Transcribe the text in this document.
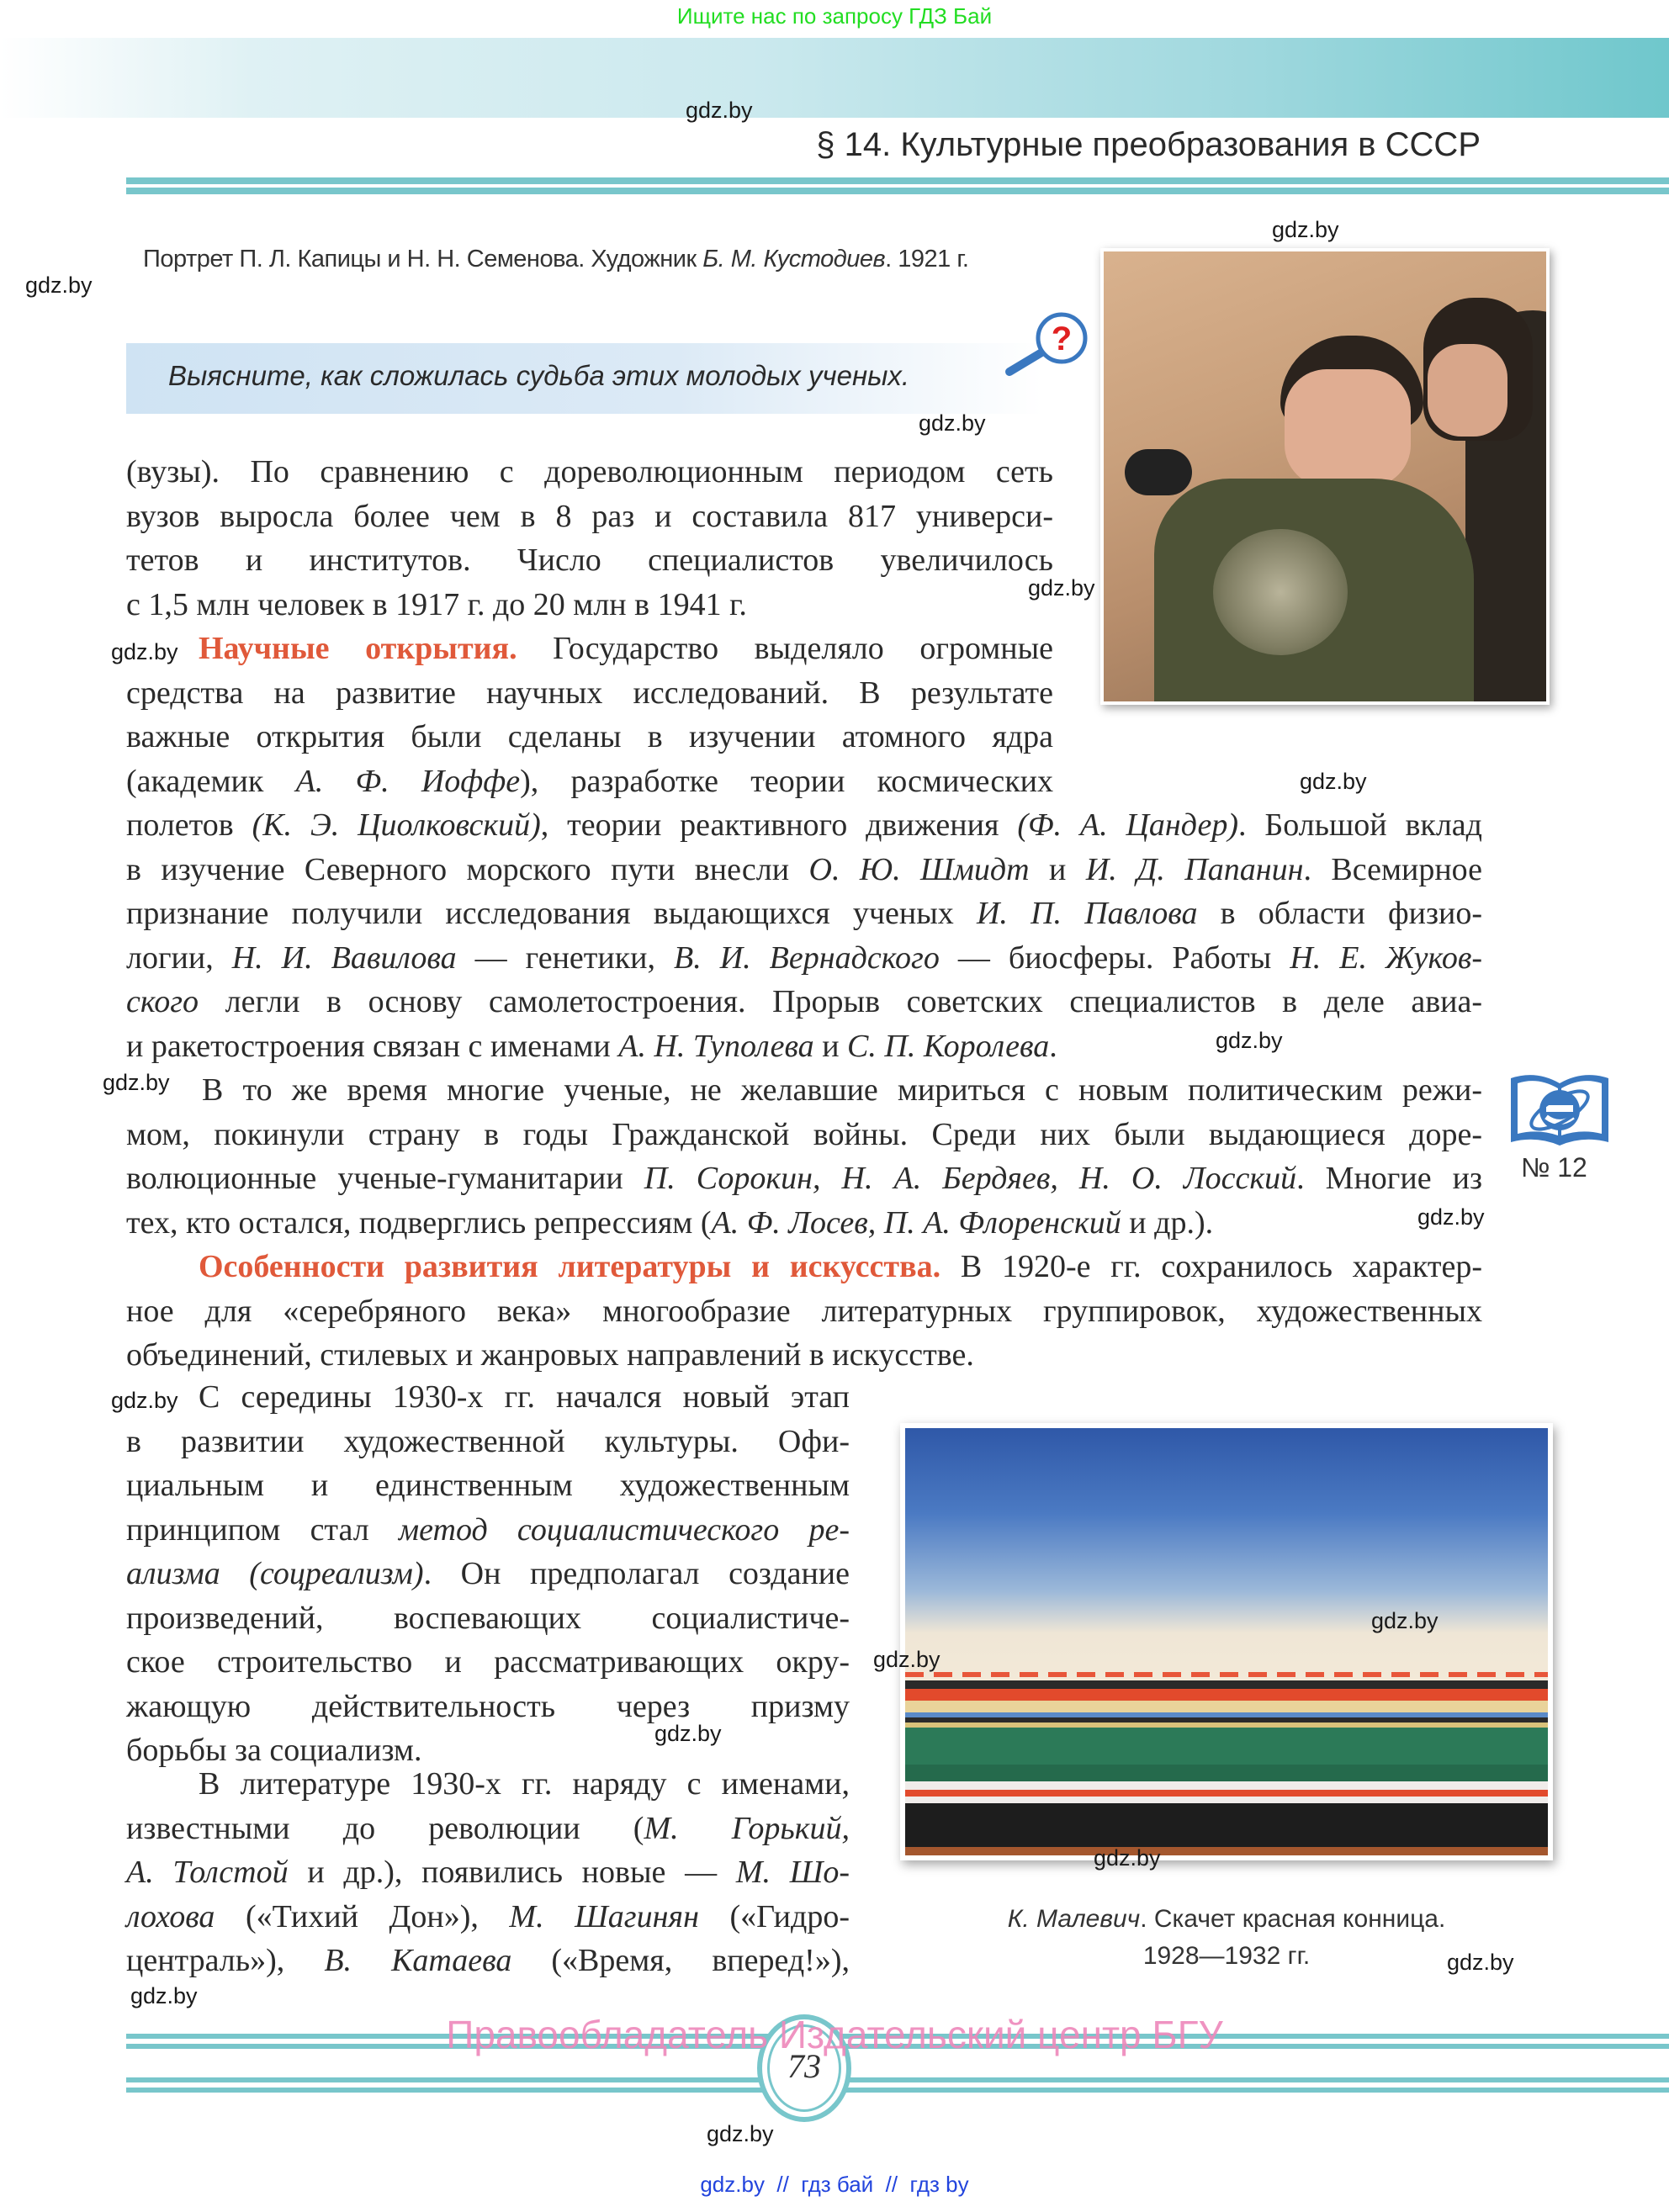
Ищите нас по запросу ГДЗ Бай
gdz.by
§ 14. Культурные преобразования в СССР
Портрет П. Л. Капицы и Н. Н. Семенова. Художник Б. М. Кустодиев. 1921 г.
gdz.by
gdz.by
Выясните, как сложилась судьба этих молодых ученых.
?
gdz.by
(вузы). По сравнению с дореволюционным периодом сеть
вузов выросла более чем в 8 раз и составила 817 универси-
тетов и институтов. Число специалистов увеличилось
с 1,5 млн человек в 1917 г. до 20 млн в 1941 г.	gdz.by
gdz.by Научные открытия. Государство выделяло огромные
средства на развитие научных исследований. В результате
важные открытия были сделаны в изучении атомного ядра
(академик А. Ф. Иоффе), разработке теории космических	gdz.by
полетов (К. Э. Циолковский), теории реактивного движения (Ф. А. Цандер). Большой вклад
в изучение Северного морского пути внесли О. Ю. Шмидт и И. Д. Папанин. Всемирное
признание получили исследования выдающихся ученых И. П. Павлова в области физио-
логии, Н. И. Вавилова — генетики, В. И. Вернадского — биосферы. Работы Н. Е. Жуков-
ского легли в основу самолетостроения. Прорыв советских специалистов в деле авиа-
и ракетостроения связан с именами А. Н. Туполева и С. П. Королева.	gdz.by
gdz.by	В то же время многие ученые, не желавшие мириться с новым политическим режи-
мом, покинули страну в годы Гражданской войны. Среди них были выдающиеся доре-
волюционные ученые-гуманитарии П. Сорокин, Н. А. Бердяев, Н. О. Лосский. Многие из
тех, кто остался, подверглись репрессиям (А. Ф. Лосев, П. А. Флоренский и др.).	gdz.by
№ 12
Особенности развития литературы и искусства. В 1920-е гг. сохранилось характер-
ное для «серебряного века» многообразие литературных группировок, художественных
объединений, стилевых и жанровых направлений в искусстве.
gdz.by С середины 1930-х гг. начался новый этап
в развитии художественной культуры. Офи-
циальным и единственным художественным
принципом стал метод социалистического ре-
ализма (соцреализм). Он предполагал создание
произведений, воспевающих социалистиче-
ское строительство и рассматривающих окру-
жающую действительность через призму
борьбы за социализм.	gdz.by
В литературе 1930-х гг. наряду с именами,
известными до революции (М. Горький,
А. Толстой и др.), появились новые — М. Шо-
лохова («Тихий Дон»), М. Шагинян («Гидро-
централь»), В. Катаева («Время, вперед!»),
gdz.by
gdz.by
gdz.by
gdz.by
К. Малевич. Скачет красная конница.
1928—1932 гг.	gdz.by
73
Правообладатель Издательский центр БГУ
gdz.by
gdz.by  //  гдз бай  //  гдз by
